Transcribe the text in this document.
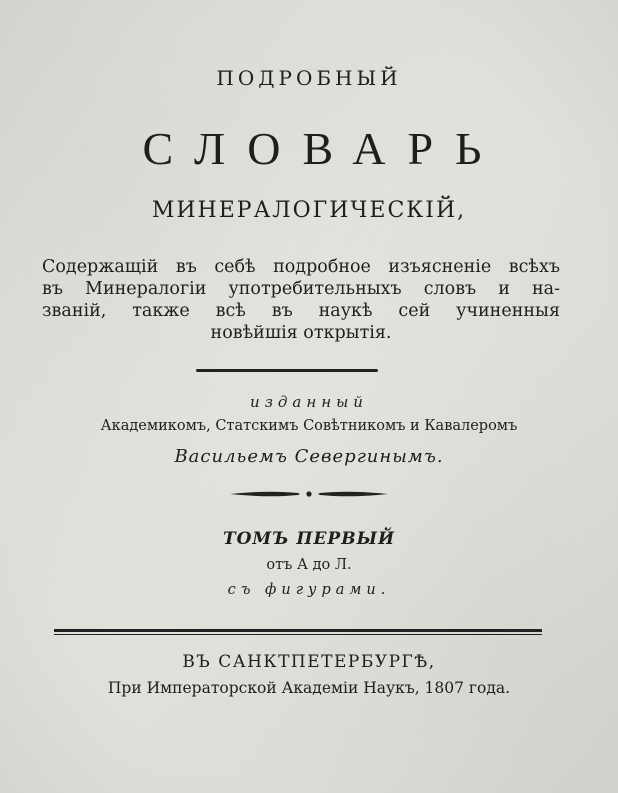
ПОДРОБНЫЙ
СЛОВАРЬ
МИНЕРАЛОГИЧЕСКІЙ,
Содержащій въ себѣ подробное изъясненіе всѣхъ
въ Минералогіи употребительныхъ словъ и на-
званій, также всѣ въ наукѣ сей учиненныя
новѣйшія открытія.
изданный
Академикомъ, Статскимъ Совѣтникомъ и Кавалеромъ
Васильемъ Севергинымъ.
ТОМЪ ПЕРВЫЙ
отъ А до Л.
съ фигурами.
ВЪ САНКТПЕТЕРБУРГѢ,
При Императорской Академіи Наукъ, 1807 года.
